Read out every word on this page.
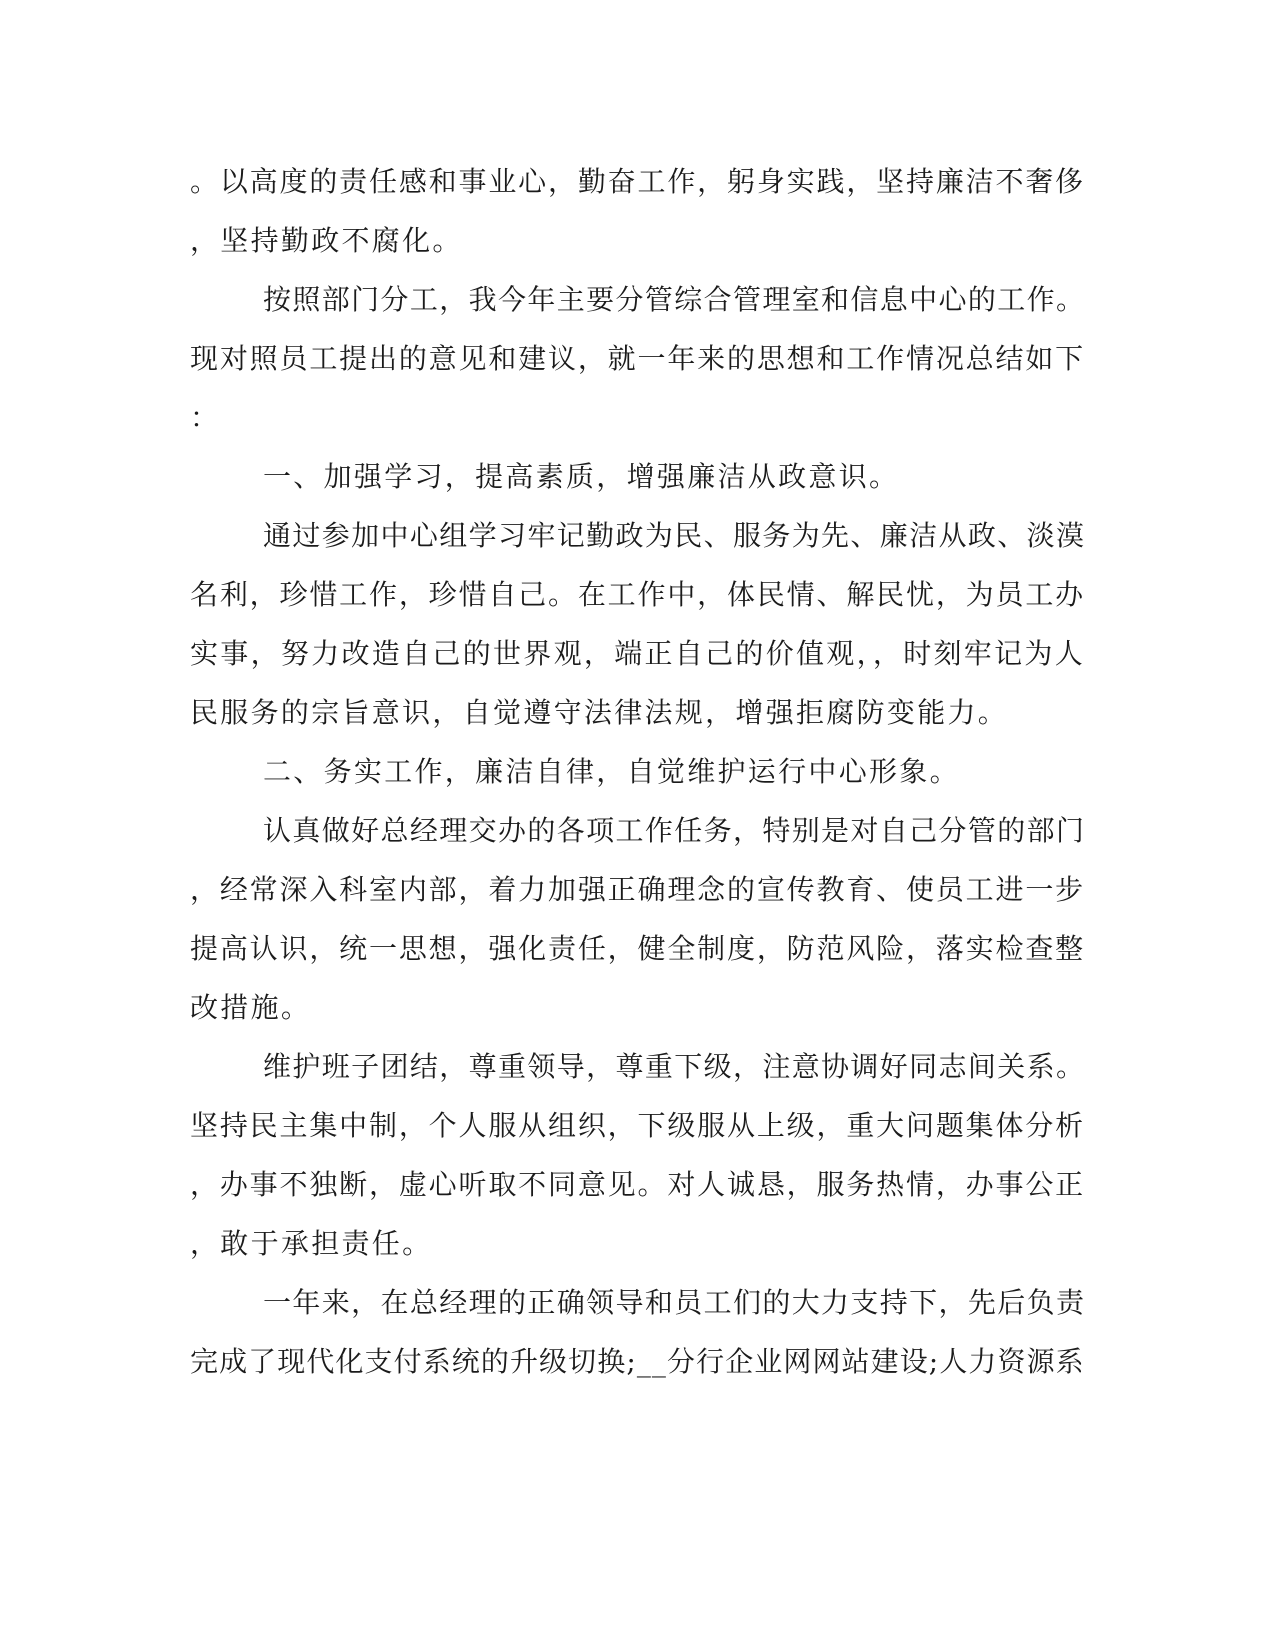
。以高度的责任感和事业心，勤奋工作，躬身实践，坚持廉洁不奢侈
，坚持勤政不腐化。
按照部门分工，我今年主要分管综合管理室和信息中心的工作。
现对照员工提出的意见和建议，就一年来的思想和工作情况总结如下
：
一、加强学习，提高素质，增强廉洁从政意识。
通过参加中心组学习牢记勤政为民、服务为先、廉洁从政、淡漠
名利，珍惜工作，珍惜自己。在工作中，体民情、解民忧，为员工办
实事，努力改造自己的世界观，端正自己的价值观，，时刻牢记为人
民服务的宗旨意识，自觉遵守法律法规，增强拒腐防变能力。
二、务实工作，廉洁自律，自觉维护运行中心形象。
认真做好总经理交办的各项工作任务，特别是对自己分管的部门
，经常深入科室内部，着力加强正确理念的宣传教育、使员工进一步
提高认识，统一思想，强化责任，健全制度，防范风险，落实检查整
改措施。
维护班子团结，尊重领导，尊重下级，注意协调好同志间关系。
坚持民主集中制，个人服从组织，下级服从上级，重大问题集体分析
，办事不独断，虚心听取不同意见。对人诚恳，服务热情，办事公正
，敢于承担责任。
一年来，在总经理的正确领导和员工们的大力支持下，先后负责
完成了现代化支付系统的升级切换;__分行企业网网站建设;人力资源系
